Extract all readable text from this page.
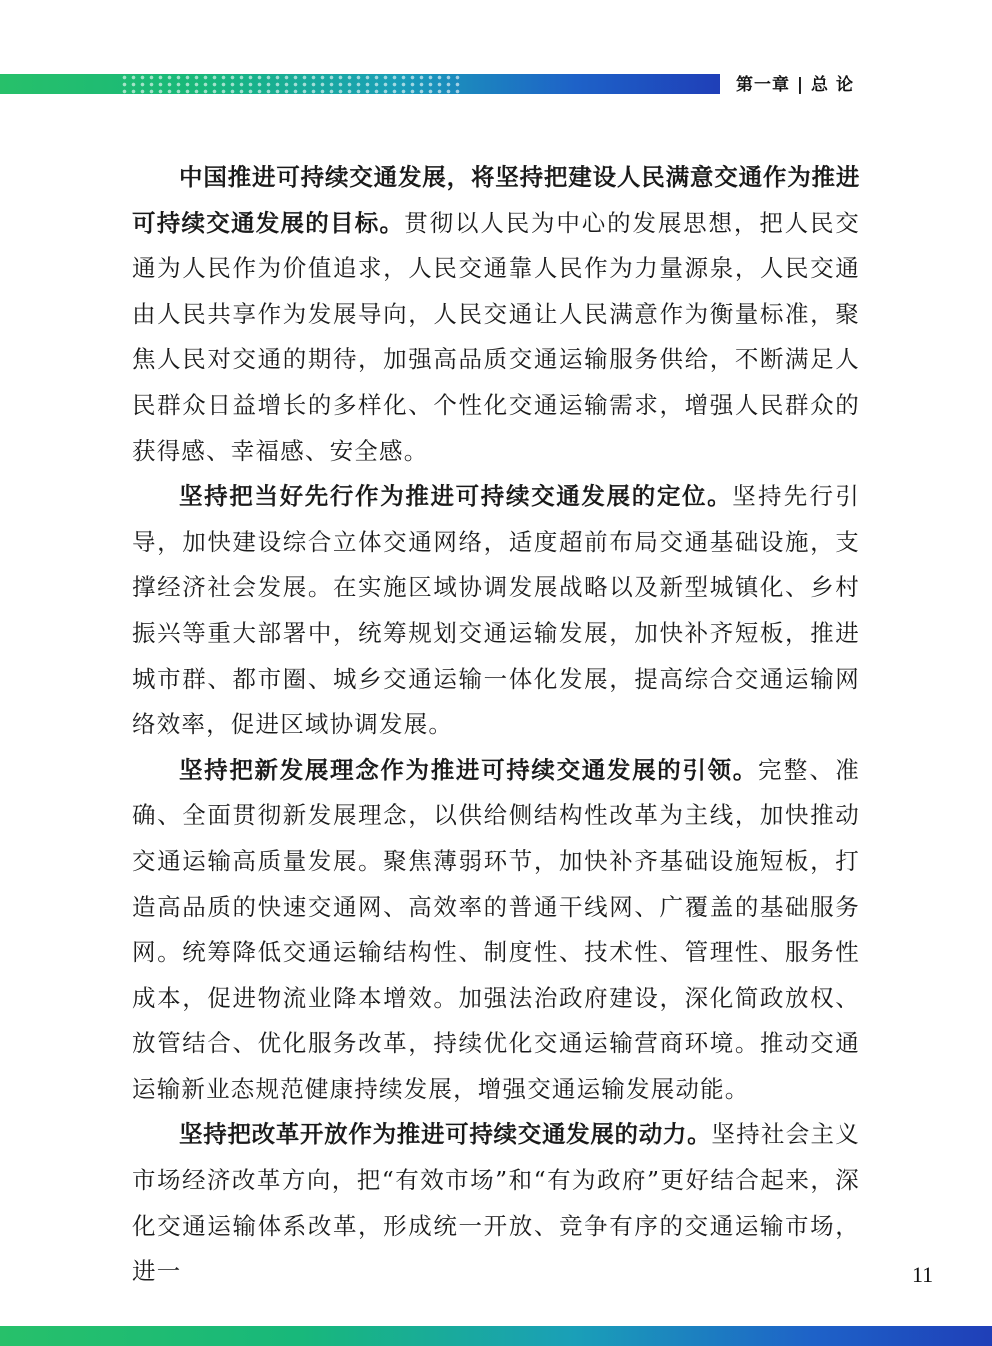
第一章 | 总 论

中国推进可持续交通发展，将坚持把建设人民满意交通作为推进可持续交通发展的目标。贯彻以人民为中心的发展思想，把人民交通为人民作为价值追求，人民交通靠人民作为力量源泉，人民交通由人民共享作为发展导向，人民交通让人民满意作为衡量标准，聚焦人民对交通的期待，加强高品质交通运输服务供给，不断满足人民群众日益增长的多样化、个性化交通运输需求，增强人民群众的获得感、幸福感、安全感。

坚持把当好先行作为推进可持续交通发展的定位。坚持先行引导，加快建设综合立体交通网络，适度超前布局交通基础设施，支撑经济社会发展。在实施区域协调发展战略以及新型城镇化、乡村振兴等重大部署中，统筹规划交通运输发展，加快补齐短板，推进城市群、都市圈、城乡交通运输一体化发展，提高综合交通运输网络效率，促进区域协调发展。

坚持把新发展理念作为推进可持续交通发展的引领。完整、准确、全面贯彻新发展理念，以供给侧结构性改革为主线，加快推动交通运输高质量发展。聚焦薄弱环节，加快补齐基础设施短板，打造高品质的快速交通网、高效率的普通干线网、广覆盖的基础服务网。统筹降低交通运输结构性、制度性、技术性、管理性、服务性成本，促进物流业降本增效。加强法治政府建设，深化简政放权、放管结合、优化服务改革，持续优化交通运输营商环境。推动交通运输新业态规范健康持续发展，增强交通运输发展动能。

坚持把改革开放作为推进可持续交通发展的动力。坚持社会主义市场经济改革方向，把“有效市场”和“有为政府”更好结合起来，深化交通运输体系改革，形成统一开放、竞争有序的交通运输市场，进一	11
